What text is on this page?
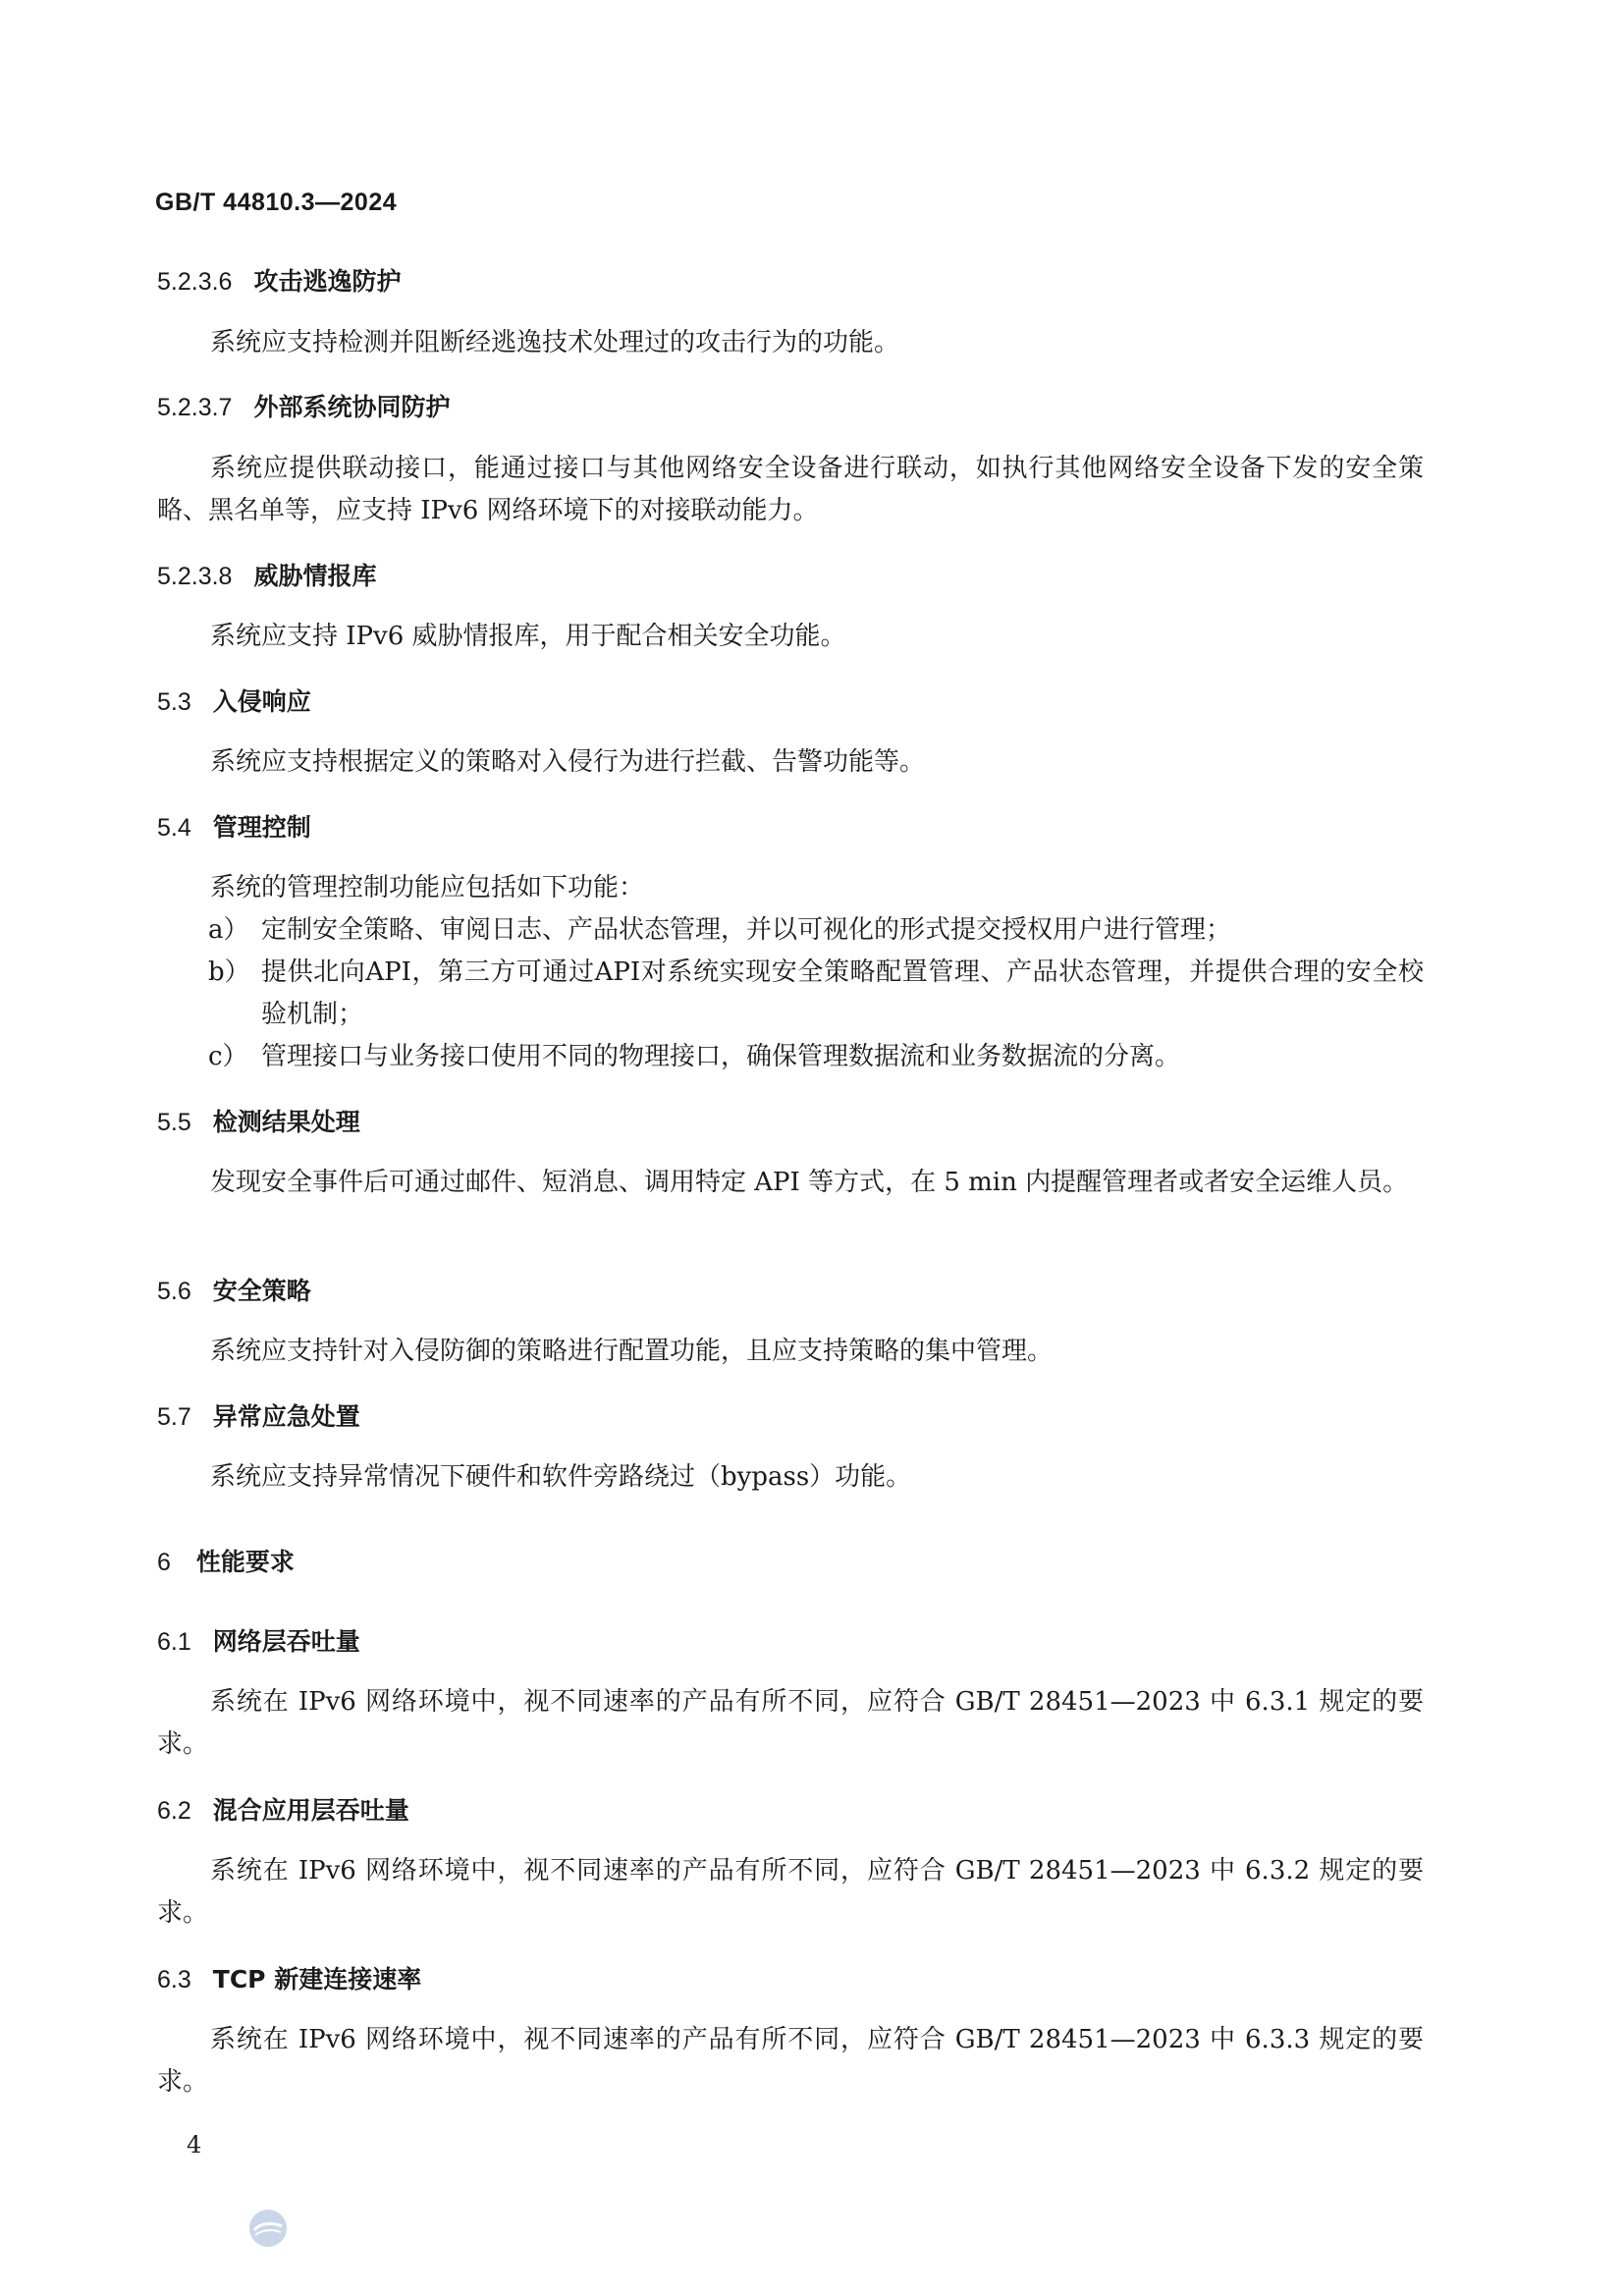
GB/T 44810.3—2024
5.2.3.6 攻击逃逸防护
系统应支持检测并阻断经逃逸技术处理过的攻击行为的功能。
5.2.3.7 外部系统协同防护
系统应提供联动接口，能通过接口与其他网络安全设备进行联动，如执行其他网络安全设备下发的安全策略、黑名单等，应支持 IPv6 网络环境下的对接联动能力。
5.2.3.8 威胁情报库
系统应支持 IPv6 威胁情报库，用于配合相关安全功能。
5.3 入侵响应
系统应支持根据定义的策略对入侵行为进行拦截、告警功能等。
5.4 管理控制
系统的管理控制功能应包括如下功能：
a） 定制安全策略、审阅日志、产品状态管理，并以可视化的形式提交授权用户进行管理；
b） 提供北向API，第三方可通过API对系统实现安全策略配置管理、产品状态管理，并提供合理的安全校验机制；
c） 管理接口与业务接口使用不同的物理接口，确保管理数据流和业务数据流的分离。
5.5 检测结果处理
发现安全事件后可通过邮件、短消息、调用特定 API 等方式，在 5 min 内提醒管理者或者安全运维人员。
5.6 安全策略
系统应支持针对入侵防御的策略进行配置功能，且应支持策略的集中管理。
5.7 异常应急处置
系统应支持异常情况下硬件和软件旁路绕过（bypass）功能。
6 性能要求
6.1 网络层吞吐量
系统在 IPv6 网络环境中，视不同速率的产品有所不同，应符合 GB/T 28451—2023 中 6.3.1 规定的要求。
6.2 混合应用层吞吐量
系统在 IPv6 网络环境中，视不同速率的产品有所不同，应符合 GB/T 28451—2023 中 6.3.2 规定的要求。
6.3 TCP 新建连接速率
系统在 IPv6 网络环境中，视不同速率的产品有所不同，应符合 GB/T 28451—2023 中 6.3.3 规定的要求。
4
